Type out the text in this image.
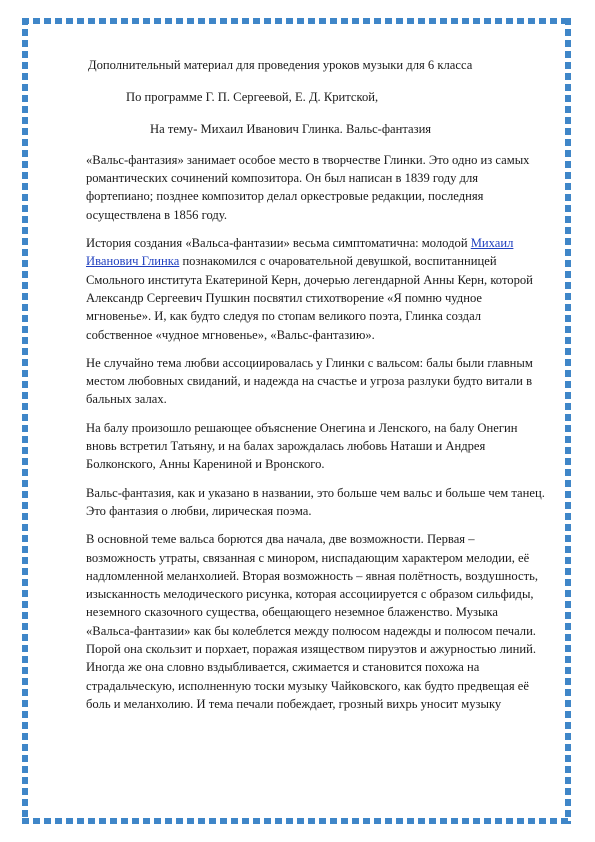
Дополнительный материал для проведения уроков музыки для 6 класса

По программе Г. П. Сергеевой, Е. Д. Критской,

На тему- Михаил Иванович Глинка. Вальс-фантазия

«Вальс-фантазия» занимает особое место в творчестве Глинки. Это одно из самых романтических сочинений композитора. Он был написан в 1839 году для фортепиано; позднее композитор делал оркестровые редакции, последняя осуществлена в 1856 году.

История создания «Вальса-фантазии» весьма симптоматична: молодой Михаил Иванович Глинка познакомился с очаровательной девушкой, воспитанницей Смольного института Екатериной Керн, дочерью легендарной Анны Керн, которой Александр Сергеевич Пушкин посвятил стихотворение «Я помню чудное мгновенье». И, как будто следуя по стопам великого поэта, Глинка создал собственное «чудное мгновенье», «Вальс-фантазию».

Не случайно тема любви ассоциировалась у Глинки с вальсом: балы были главным местом любовных свиданий, и надежда на счастье и угроза разлуки будто витали в бальных залах.

На балу произошло решающее объяснение Онегина и Ленского, на балу Онегин вновь встретил Татьяну, и на балах зарождалась любовь Наташи и Андрея Болконского, Анны Карениной и Вронского.

Вальс-фантазия, как и указано в названии, это больше чем вальс и больше чем танец. Это фантазия о любви, лирическая поэма.

В основной теме вальса борются два начала, две возможности. Первая – возможность утраты, связанная с минором, ниспадающим характером мелодии, её надломленной меланхолией. Вторая возможность – явная полётность, воздушность, изысканность мелодического рисунка, которая ассоциируется с образом сильфиды, неземного сказочного существа, обещающего неземное блаженство. Музыка «Вальса-фантазии» как бы колеблется между полюсом надежды и полюсом печали. Порой она скользит и порхает, поражая изяществом пируэтов и ажурностью линий. Иногда же она словно вздыбливается, сжимается и становится похожа на страдальческую, исполненную тоски музыку Чайковского, как будто предвещая её боль и меланхолию. И тема печали побеждает, грозный вихрь уносит музыку
